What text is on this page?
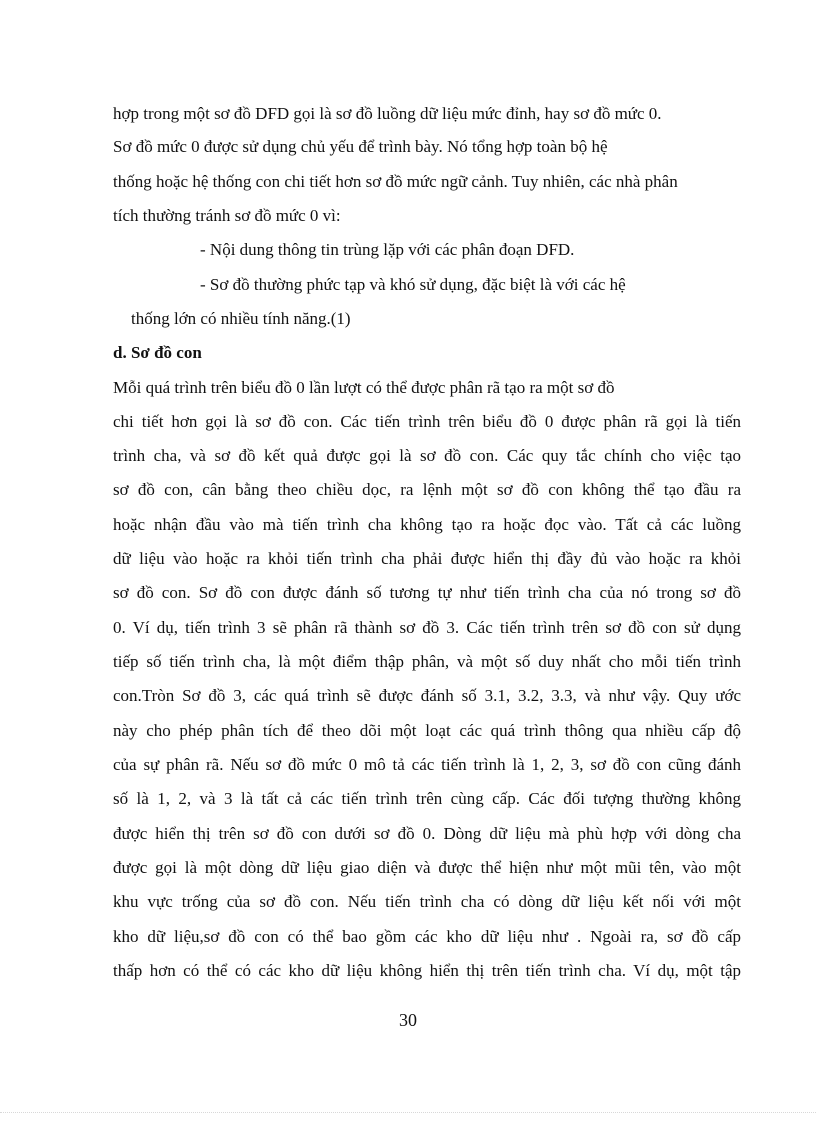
hợp trong một sơ đồ DFD gọi là sơ đồ luồng dữ liệu mức đỉnh, hay sơ đồ mức 0.

Sơ đồ mức 0 được sử dụng chủ yếu để trình bày. Nó tổng hợp toàn bộ hệ

thống hoặc hệ thống con chi tiết hơn sơ đồ mức ngữ cảnh. Tuy nhiên, các nhà phân

tích thường tránh sơ đồ mức 0 vì:

- Nội dung thông tin trùng lặp với các phân đoạn DFD.

- Sơ đồ thường phức tạp và khó sử dụng, đặc biệt là với các hệ

thống lớn có nhiều tính năng.(1)

d. Sơ đồ con

Mỗi quá trình trên biểu đồ 0 lần lượt có thể được phân rã tạo ra một sơ đồ

chi tiết hơn gọi là sơ đồ con. Các tiến trình trên biểu đồ 0 được phân rã gọi là tiến

trình cha, và sơ đồ kết quả được gọi là sơ đồ con. Các quy tắc chính cho việc tạo

sơ đồ con, cân bằng theo chiều dọc, ra lệnh một sơ đồ con không thể tạo đầu ra

hoặc nhận đầu vào mà tiến trình cha không tạo ra hoặc đọc vào. Tất cả các luồng

dữ liệu vào hoặc ra khỏi tiến trình cha phải được hiển thị đầy đủ vào hoặc ra khỏi

sơ đồ con. Sơ đồ con được đánh số tương tự như tiến trình cha của nó trong sơ đồ

0. Ví dụ, tiến trình 3 sẽ phân rã thành sơ đồ 3. Các tiến trình trên sơ đồ con sử dụng

tiếp số tiến trình cha, là một điểm thập phân, và một số duy nhất cho mỗi tiến trình

con.Tròn Sơ đồ 3, các quá trình sẽ được đánh số 3.1, 3.2, 3.3, và như vậy. Quy ước

này cho phép phân tích để theo dõi một loạt các quá trình thông qua nhiều cấp độ

của sự phân rã. Nếu sơ đồ mức 0 mô tả các tiến trình là 1, 2, 3, sơ đồ con cũng đánh

số là 1, 2, và 3 là tất cả các tiến trình trên cùng cấp. Các đối tượng thường không

được hiển thị trên sơ đồ con dưới sơ đồ 0. Dòng dữ liệu mà phù hợp với dòng cha

được gọi là một dòng dữ liệu giao diện và được thể hiện như một mũi tên, vào một

khu vực trống của sơ đồ con. Nếu tiến trình cha có dòng dữ liệu kết nối với một

kho dữ liệu,sơ đồ con có thể bao gồm các kho dữ liệu như . Ngoài ra, sơ đồ cấp

thấp hơn có thể có các kho dữ liệu không hiển thị trên tiến trình cha. Ví dụ, một tập

30
